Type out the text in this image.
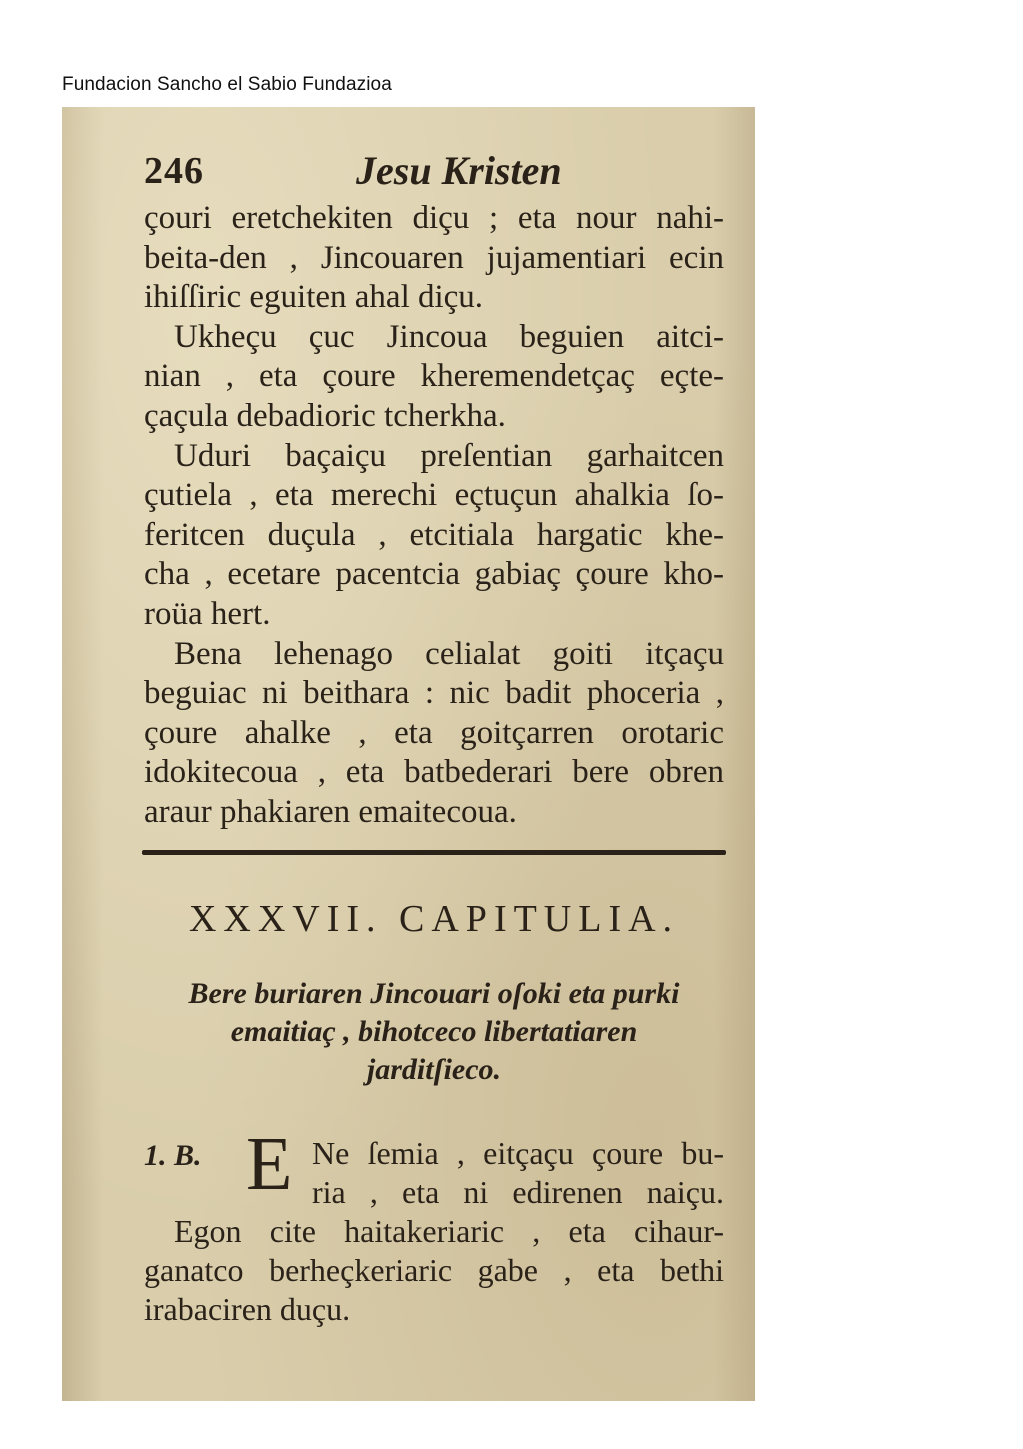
Fundacion Sancho el Sabio Fundazioa
246	Jesu Kristen
çouri eretchekiten diçu ; eta nour nahi-
beita-den , Jincouaren jujamentiari ecin
ihiſſiric eguiten ahal diçu.
Ukheçu çuc Jincoua beguien aitci-
nian , eta çoure kheremendetçaç eçte-
çaçula debadioric tcherkha.
Uduri baçaiçu preſentian garhaitcen
çutiela , eta merechi eçtuçun ahalkia ſo-
feritcen duçula , etcitiala hargatic khe-
cha , ecetare pacentcia gabiaç çoure kho-
roüa hert.
Bena lehenago celialat goiti itçaçu
beguiac ni beithara : nic badit phoceria ,
çoure ahalke , eta goitçarren orotaric
idokitecoua , eta batbederari bere obren
araur phakiaren emaitecoua.
XXXVII. CAPITULIA.
Bere buriaren Jincouari oſoki eta purki
emaitiaç , bihotceco libertatiaren
jarditſieco.
1. B. E Ne ſemia , eitçaçu çoure bu-
ria , eta ni edirenen naiçu.
Egon cite haitakeriaric , eta cihaur-
ganatco berheçkeriaric gabe , eta bethi
irabaciren duçu.
